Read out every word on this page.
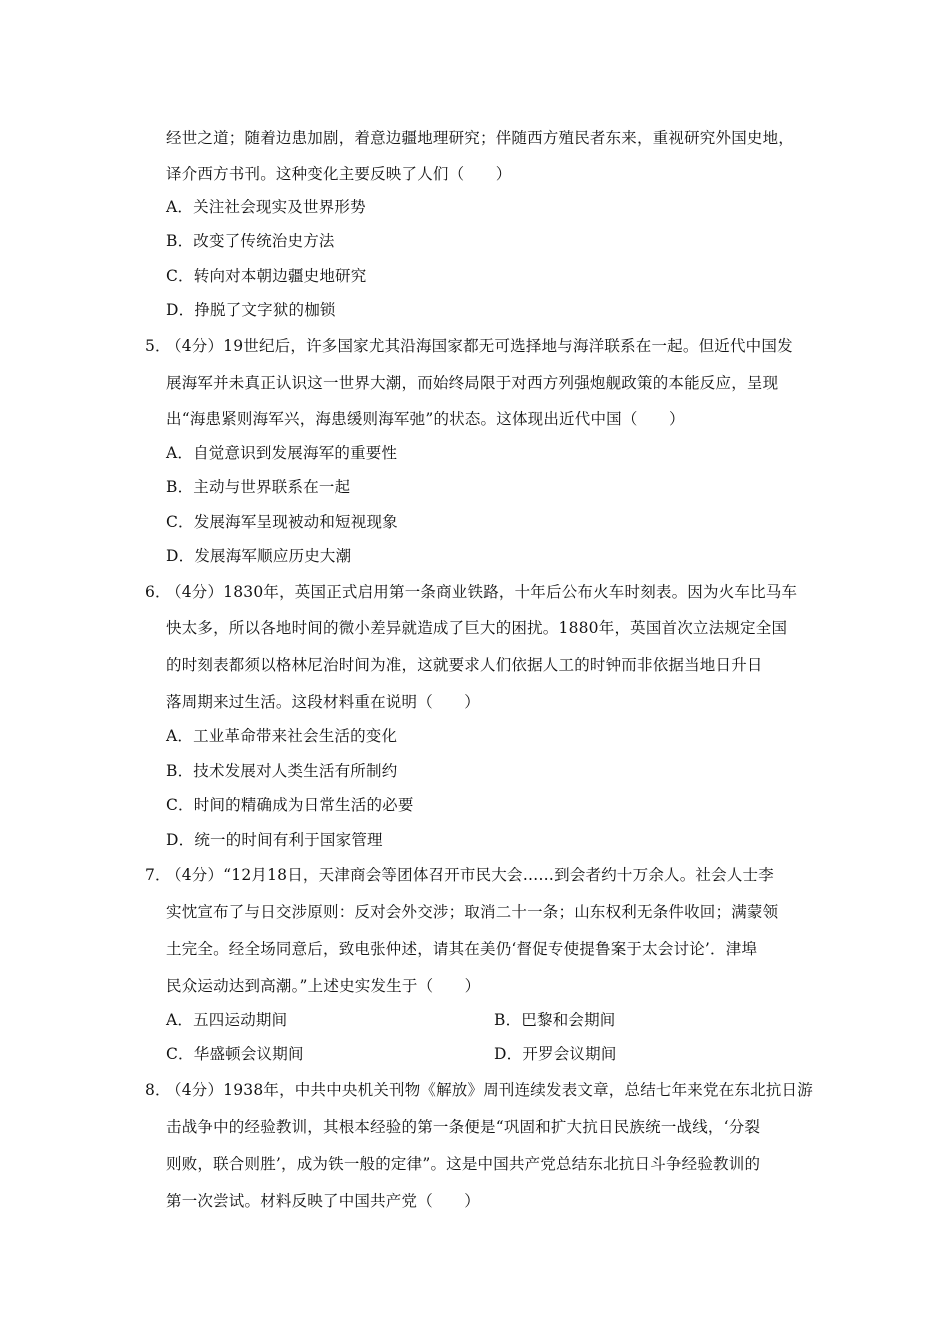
经世之道；随着边患加剧，着意边疆地理研究；伴随西方殖民者东来，重视研究外国史地，
译介西方书刊。这种变化主要反映了人们（　　）
A．关注社会现实及世界形势
B．改变了传统治史方法
C．转向对本朝边疆史地研究
D．挣脱了文字狱的枷锁
5．
（4分）19世纪后，许多国家尤其沿海国家都无可选择地与海洋联系在一起。但近代中国发
展海军并未真正认识这一世界大潮，而始终局限于对西方列强炮舰政策的本能反应，呈现
出“海患紧则海军兴，海患缓则海军弛”的状态。这体现出近代中国（　　）
A．自觉意识到发展海军的重要性
B．主动与世界联系在一起
C．发展海军呈现被动和短视现象
D．发展海军顺应历史大潮
6．
（4分）1830年，英国正式启用第一条商业铁路，十年后公布火车时刻表。因为火车比马车
快太多，所以各地时间的微小差异就造成了巨大的困扰。1880年，英国首次立法规定全国
的时刻表都须以格林尼治时间为准，这就要求人们依据人工的时钟而非依据当地日升日
落周期来过生活。这段材料重在说明（　　）
A．工业革命带来社会生活的变化
B．技术发展对人类生活有所制约
C．时间的精确成为日常生活的必要
D．统一的时间有利于国家管理
7．
（4分）“12月18日，天津商会等团体召开市民大会……到会者约十万余人。社会人士李
实忱宣布了与日交涉原则：反对会外交涉；取消二十一条；山东权利无条件收回；满蒙领
土完全。经全场同意后，致电张仲述，请其在美仍‘督促专使提鲁案于太会讨论’．津埠
民众运动达到高潮。”上述史实发生于（　　）
A．五四运动期间	B．巴黎和会期间
C．华盛顿会议期间	D．开罗会议期间
8．
（4分）1938年，中共中央机关刊物《解放》周刊连续发表文章，总结七年来党在东北抗日游
击战争中的经验教训，其根本经验的第一条便是“巩固和扩大抗日民族统一战线，‘分裂
则败，联合则胜’，成为铁一般的定律”。这是中国共产党总结东北抗日斗争经验教训的
第一次尝试。材料反映了中国共产党（　　）
